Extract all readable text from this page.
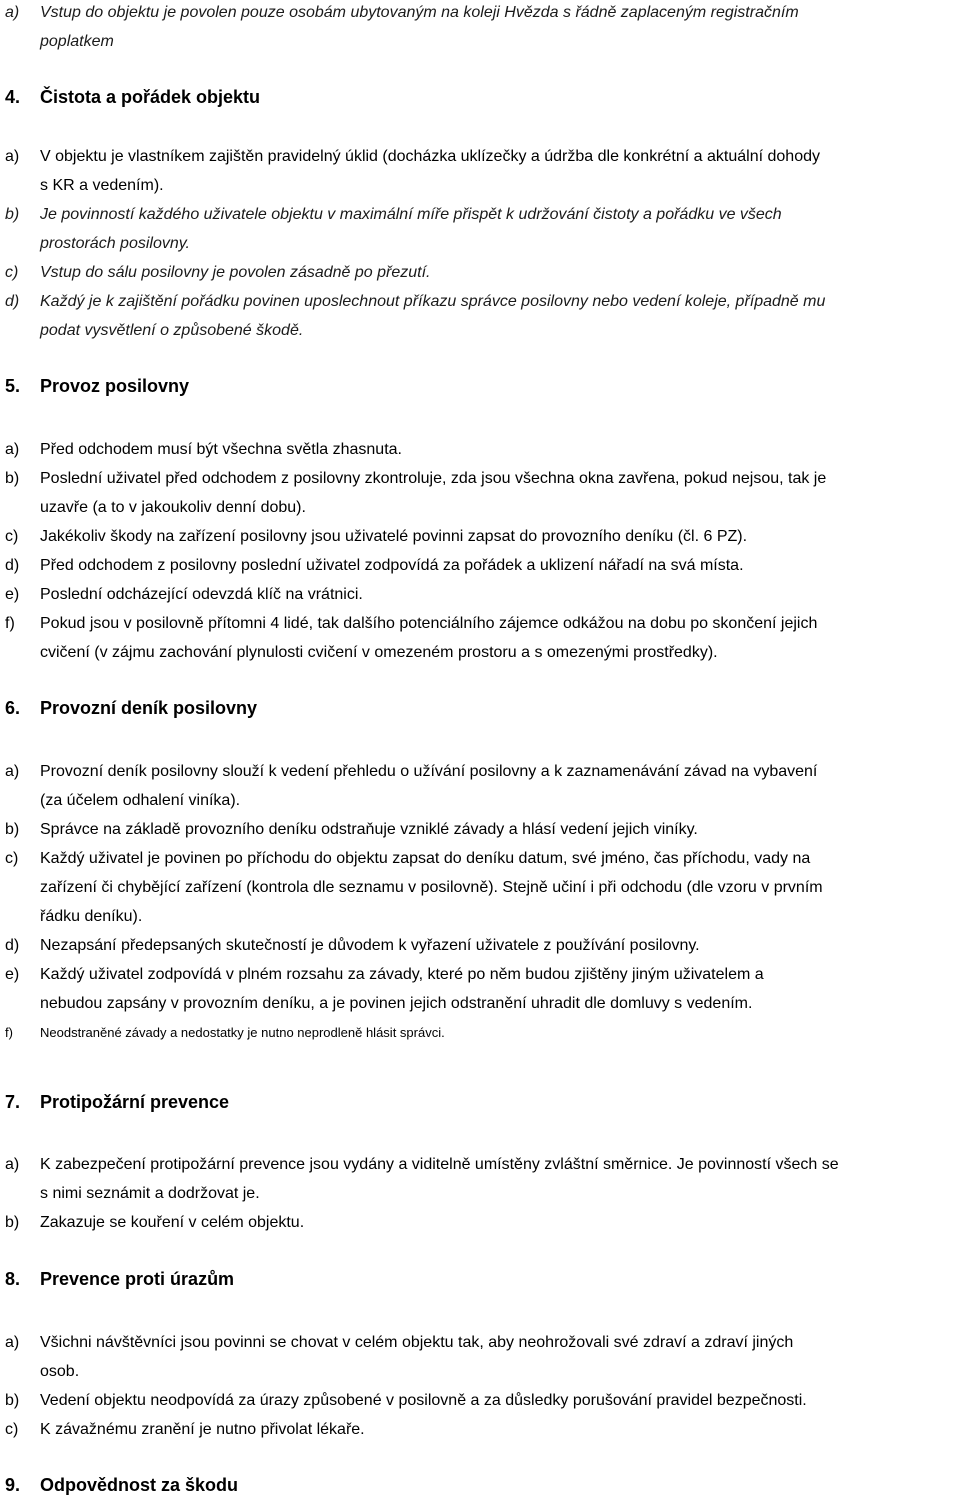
a)	Vstup do objektu je povolen pouze osobám ubytovaným na koleji Hvězda s řádně zaplaceným registračním
poplatkem
4.	Čistota a pořádek objektu
a)	V objektu je vlastníkem zajištěn pravidelný úklid (docházka uklízečky a údržba dle konkrétní a aktuální dohody
s KR a vedením).
b)	Je povinností každého uživatele objektu v maximální míře přispět k udržování čistoty a pořádku ve všech
prostorách posilovny.
c)	Vstup do sálu posilovny je povolen zásadně po přezutí.
d)	Každý je k zajištění pořádku povinen uposlechnout příkazu správce posilovny nebo vedení koleje, případně mu
podat vysvětlení o způsobené škodě.
5.	Provoz posilovny
a)	Před odchodem musí být všechna světla zhasnuta.
b)	Poslední uživatel před odchodem z posilovny zkontroluje, zda jsou všechna okna zavřena, pokud nejsou, tak je
uzavře (a to v jakoukoliv denní dobu).
c)	Jakékoliv škody na zařízení posilovny jsou uživatelé povinni zapsat do provozního deníku (čl. 6 PZ).
d)	Před odchodem z posilovny poslední uživatel zodpovídá za pořádek a uklizení nářadí na svá místa.
e)	Poslední odcházející odevzdá klíč na vrátnici.
f)	Pokud jsou v posilovně přítomni 4 lidé, tak dalšího potenciálního zájemce odkážou na dobu po skončení jejich
cvičení (v zájmu zachování plynulosti cvičení v omezeném prostoru a s omezenými prostředky).
6.	Provozní deník posilovny
a)	Provozní deník posilovny slouží k vedení přehledu o užívání posilovny a k zaznamenávání závad na vybavení
(za účelem odhalení viníka).
b)	Správce na základě provozního deníku odstraňuje vzniklé závady a hlásí vedení jejich viníky.
c)	Každý uživatel je povinen po příchodu do objektu zapsat do deníku datum, své jméno, čas příchodu, vady na
zařízení či chybějící zařízení (kontrola dle seznamu v posilovně). Stejně učiní i při odchodu (dle vzoru v prvním
řádku deníku).
d)	Nezapsání předepsaných skutečností je důvodem k vyřazení uživatele z používání posilovny.
e)	Každý uživatel zodpovídá v plném rozsahu za závady, které po něm budou zjištěny jiným uživatelem a
nebudou zapsány v provozním deníku, a je povinen jejich odstranění uhradit dle domluvy s vedením.
f)	Neodstraněné závady a nedostatky je nutno neprodleně hlásit správci.
7.	Protipožární prevence
a)	K zabezpečení protipožární prevence jsou vydány a viditelně umístěny zvláštní směrnice. Je povinností všech se
s nimi seznámit a dodržovat je.
b)	Zakazuje se kouření v celém objektu.
8.	Prevence proti úrazům
a)	Všichni návštěvníci jsou povinni se chovat v celém objektu tak, aby neohrožovali své zdraví a zdraví jiných
osob.
b)	Vedení objektu neodpovídá za úrazy způsobené v posilovně a za důsledky porušování pravidel bezpečnosti.
c)	K závažnému zranění je nutno přivolat lékaře.
9.	Odpovědnost za škodu
